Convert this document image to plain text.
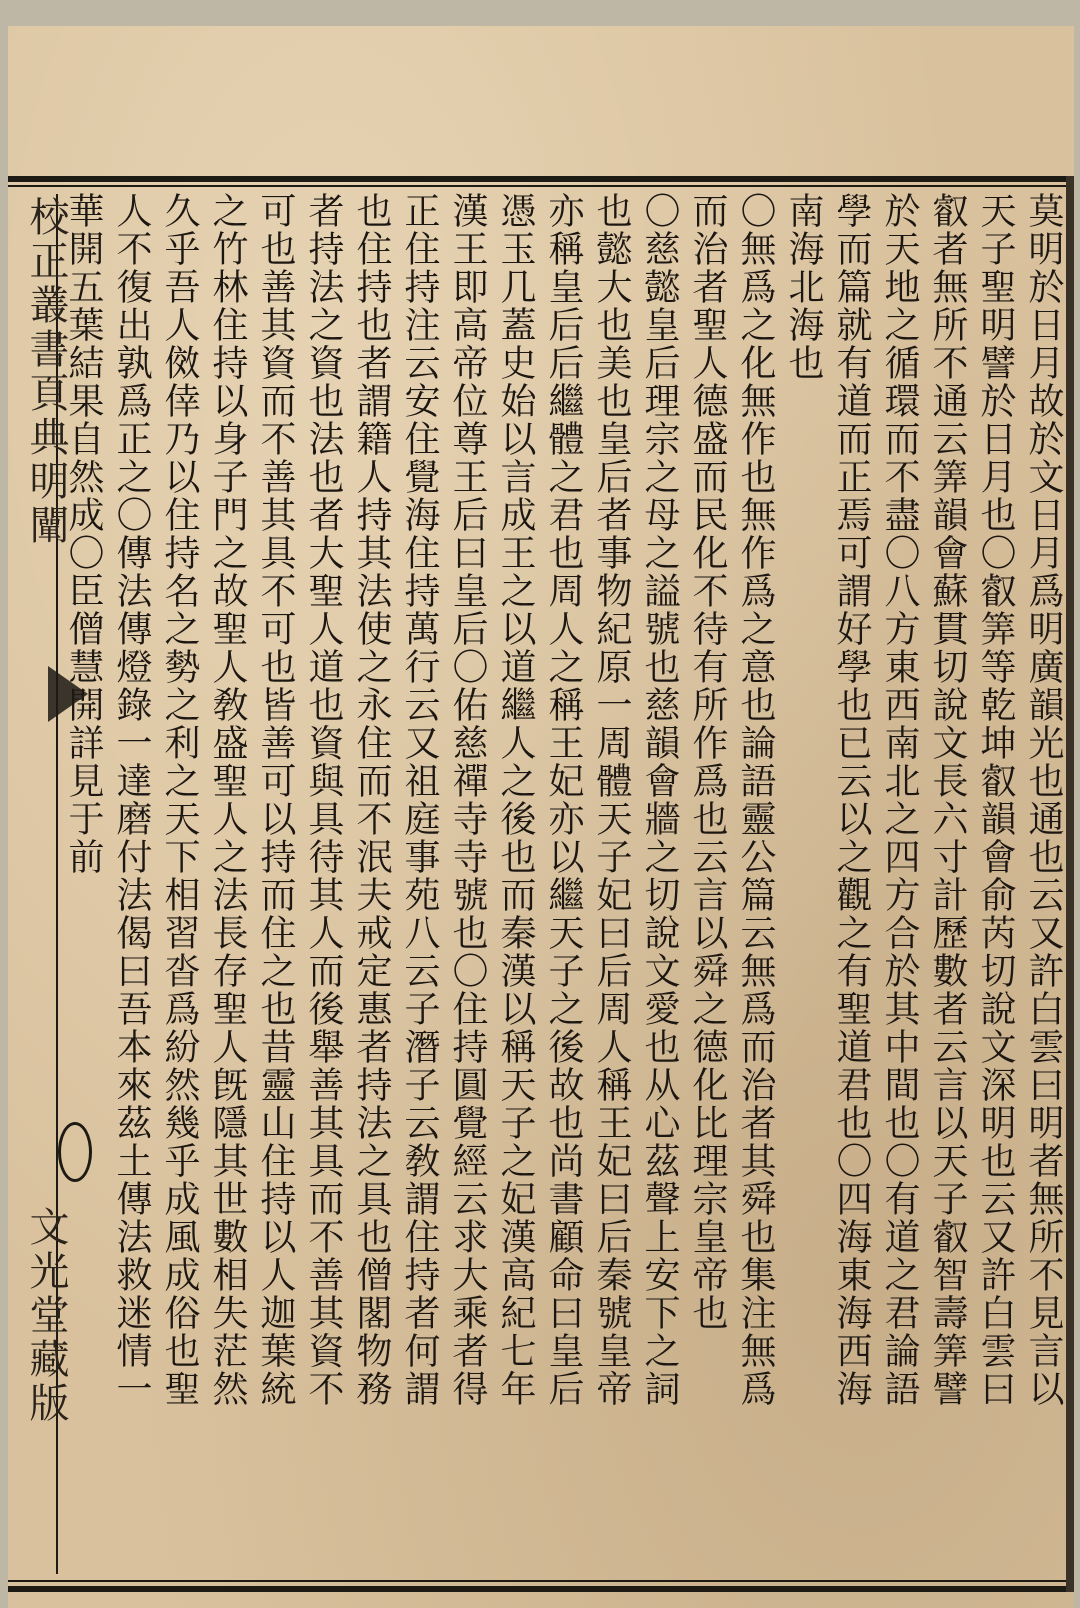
校正叢書頁典明闡
文光堂藏版	莫明於日月故於文日月爲明廣韻光也通也云又許白雲曰明者無所不見言以
天子聖明譬於日月也〇叡筭等乾坤叡韻會俞芮切說文深明也云又許白雲曰
叡者無所不通云筭韻會蘇貫切說文長六寸計歷數者云言以天子叡智壽筭譬
於天地之循環而不盡〇八方東西南北之四方合於其中間也〇有道之君論語
學而篇就有道而正焉可謂好學也已云以之觀之有聖道君也〇四海東海西海
南海北海也
〇無爲之化無作也無作爲之意也論語靈公篇云無爲而治者其舜也集注無爲
而治者聖人德盛而民化不待有所作爲也云言以舜之德化比理宗皇帝也
〇慈懿皇后理宗之母之謚號也慈韻會牆之切說文愛也从心茲聲上安下之詞
也懿大也美也皇后者事物紀原一周體天子妃曰后周人稱王妃曰后秦號皇帝
亦稱皇后后繼體之君也周人之稱王妃亦以繼天子之後故也尚書顧命曰皇后
憑玉几蓋史始以言成王之以道繼人之後也而秦漢以稱天子之妃漢高紀七年
漢王即高帝位尊王后曰皇后〇佑慈禪寺寺號也〇住持圓覺經云求大乘者得
正住持注云安住覺海住持萬行云又祖庭事苑八云子潛子云敎謂住持者何謂
也住持也者謂籍人持其法使之永住而不泯夫戒定惠者持法之具也僧閣物務
者持法之資也法也者大聖人道也資與具待其人而後舉善其具而不善其資不
可也善其資而不善其具不可也皆善可以持而住之也昔靈山住持以人迦葉統
之竹林住持以身子門之故聖人敎盛聖人之法長存聖人旣隱其世數相失茫然
久乎吾人傚倖乃以住持名之勢之利之天下相習沓爲紛然幾乎成風成俗也聖
人不復出孰爲正之〇傳法傳燈錄一達磨付法偈曰吾本來茲土傳法救迷情一
華開五葉結果自然成〇臣僧慧開詳見于前
